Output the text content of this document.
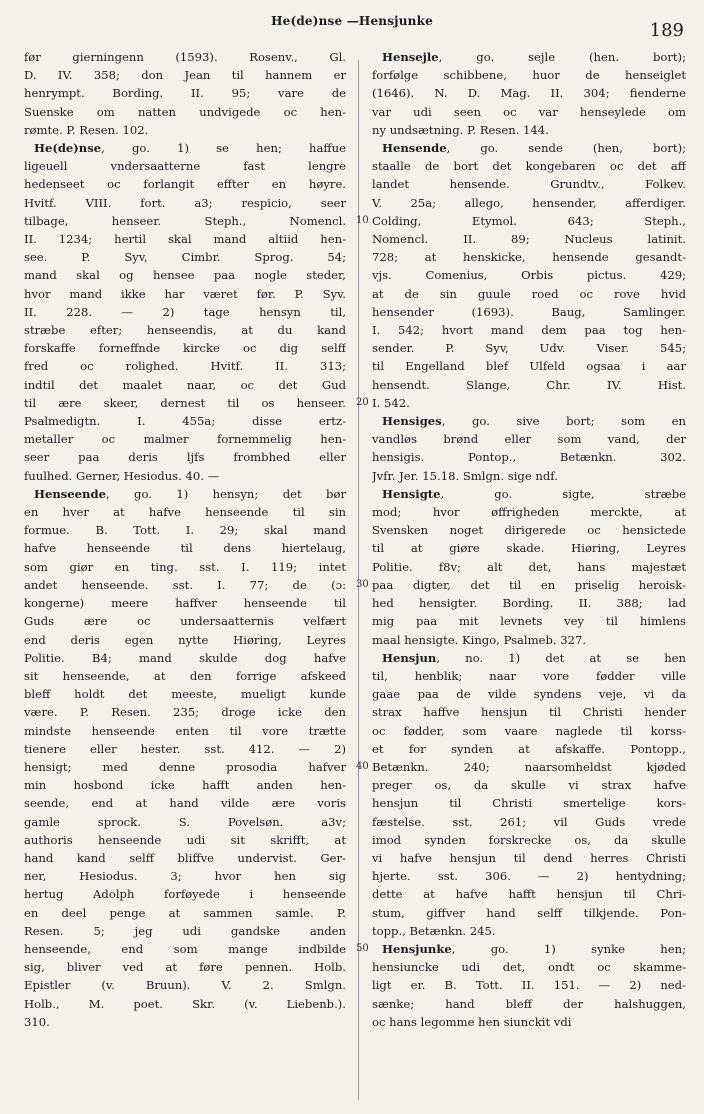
He(de)nse —Hensjunke	189
før gierningenn (1593). Rosenv., Gl.
D. IV. 358; don Jean til hannem er
henrympt. Bording. II. 95; vare de
Suenske om natten undvigede oc hen-
rømte. P. Resen. 102.
He(de)nse, go. 1) se hen; haffue
ligeuell vndersaatterne fast lengre
hedenseet oc forlangit effter en høyre.
Hvitf. VIII. fort. a3; respicio, seer
tilbage, henseer. Steph., Nomencl.
II. 1234; hertil skal mand altiid hen-
see. P. Syv, Cimbr. Sprog. 54;
mand skal og hensee paa nogle steder,
hvor mand ikke har været før. P. Syv.
II. 228. — 2) tage hensyn til,
stræbe efter; henseendis, at du kand
forskaffe forneffnde kircke oc dig selff
fred oc rolighed. Hvitf. II. 313;
indtil det maalet naar, oc det Gud
til ære skeer, dernest til os henseer.
Psalmedigtn. I. 455a; disse ertz-
metaller oc malmer fornemmelig hen-
seer paa deris ljfs frombhed eller
fuulhed. Gerner, Hesiodus. 40. —
Henseende, go. 1) hensyn; det bør
en hver at hafve henseende til sin
formue. B. Tott. I. 29; skal mand
hafve henseende til dens hiertelaug,
som giør en ting. sst. I. 119; intet
andet henseende. sst. I. 77; de (ɔ:
kongerne) meere haffver henseende til
Guds ære oc undersaatternis velfært
end deris egen nytte Hiøring, Leyres
Politie. B4; mand skulde dog hafve
sit henseende, at den forrige afskeed
bleff holdt det meeste, mueligt kunde
være. P. Resen. 235; droge icke den
mindste henseende enten til vore trætte
tienere eller hester. sst. 412. — 2)
hensigt; med denne prosodia hafver
min hosbond icke hafft anden hen-
seende, end at hand vilde ære voris
gamle sprock. S. Povelsøn. a3v;
authoris henseende udi sit skrifft, at
hand kand selff bliffve undervist. Ger-
ner, Hesiodus. 3; hvor hen sig
hertug Adolph forføyede i henseende
en deel penge at sammen samle. P.
Resen. 5; jeg udi gandske anden
henseende, end som mange indbilde
sig, bliver ved at føre pennen. Holb.
Epistler (v. Bruun). V. 2. Smlgn.
Holb., M. poet. Skr. (v. Liebenb.).
310.
Hensejle, go. sejle (hen. bort);
forfølge schibbene, huor de henseiglet
(1646). N. D. Mag. II. 304; fienderne
var udi seen oc var henseylede om
ny undsætning. P. Resen. 144.
Hensende, go. sende (hen, bort);
staalle de bort det kongebaren oc det aff
landet hensende. Grundtv., Folkev.
V. 25a; allego, hensender, afferdiger.
Colding, Etymol. 643; Steph.,
Nomencl. II. 89; Nucleus latinit.
728; at henskicke, hensende gesandt-
vjs. Comenius, Orbis pictus. 429;
at de sin guule roed oc rove hvid
hensender (1693). Baug, Samlinger.
I. 542; hvort mand dem paa tog hen-
sender. P. Syv, Udv. Viser. 545;
til Engelland blef Ulfeld ogsaa i aar
hensendt. Slange, Chr. IV. Hist.
I. 542.
Hensiges, go. sive bort; som en
vandløs brønd eller som vand, der
hensigis. Pontop., Betænkn. 302.
Jvfr. Jer. 15.18. Smlgn. sige ndf.
Hensigte, go. sigte, stræbe
mod; hvor øffrigheden merckte, at
Svensken noget dirigerede oc hensictede
til at giøre skade. Hiøring, Leyres
Politie. f8v; alt det, hans majestæt
paa digter, det til en priselig heroisk-
hed hensigter. Bording. II. 388; lad
mig paa mit levnets vey til himlens
maal hensigte. Kingo, Psalmeb. 327.
Hensjun, no. 1) det at se hen
til, henblik; naar vore fødder ville
gaae paa de vilde syndens veje, vi da
strax haffve hensjun til Christi hender
oc fødder, som vaare naglede til korss-
et for synden at afskaffe. Pontopp.,
Betænkn. 240; naarsomheldst kjøded
preger os, da skulle vi strax hafve
hensjun til Christi smertelige kors-
fæstelse. sst. 261; vil Guds vrede
imod synden forskrecke os, da skulle
vi hafve hensjun til dend herres Christi
hjerte. sst. 306. — 2) hentydning;
dette at hafve hafft hensjun til Chri-
stum, giffver hand selff tilkjende. Pon-
topp., Betænkn. 245.
Hensjunke, go. 1) synke hen;
hensiuncke udi det, ondt oc skamme-
ligt er. B. Tott. II. 151. — 2) ned-
sænke; hand bleff der halshuggen,
oc hans legomme hen siunckit vdi
10
20
30
40
50
